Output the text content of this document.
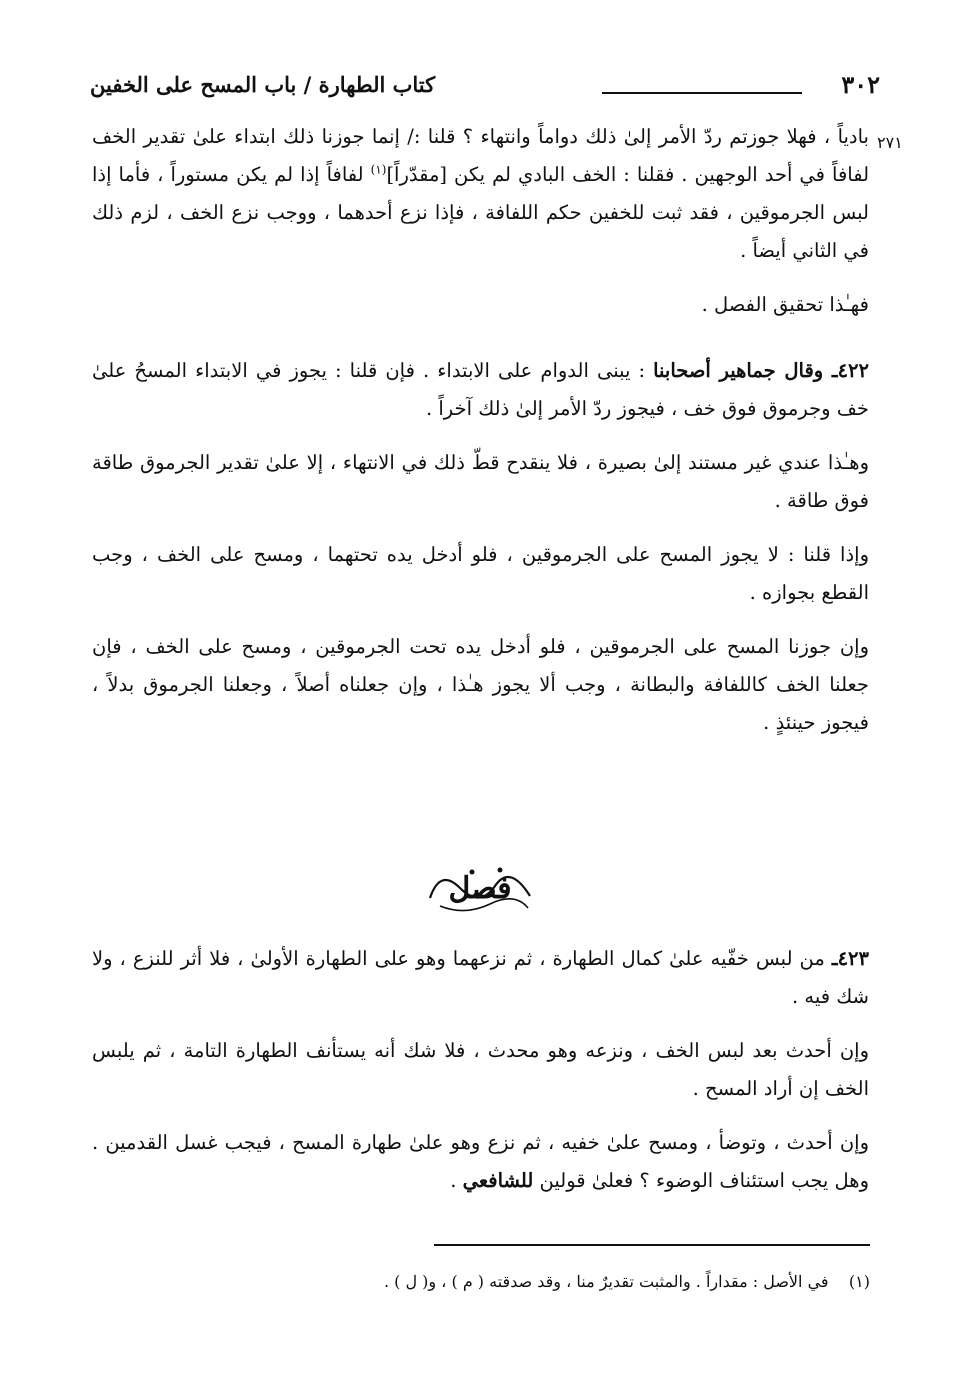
٣٠٢
كتاب الطهارة / باب المسح على الخفين
٢٧١

بادياً ، فهلا جوزتم ردّ الأمر إلىٰ ذلك دواماً وانتهاء ؟ قلنا :/ إنما جوزنا ذلك ابتداء علىٰ تقدير الخف لفافاً في أحد الوجهين . فقلنا : الخف البادي لم يكن [مقدّراً]$^{(١)}$ لفافاً إذا لم يكن مستوراً ، فأما إذا لبس الجرموقين ، فقد ثبت للخفين حكم اللفافة ، فإذا نزع أحدهما ، ووجب نزع الخف ، لزم ذلك في الثاني أيضاً .

فهـٰذا تحقيق الفصل .

٤٢٢ـ وقال جماهير أصحابنا : يبنى الدوام على الابتداء . فإن قلنا : يجوز في الابتداء المسحُ علىٰ خف وجرموق فوق خف ، فيجوز ردّ الأمر إلىٰ ذلك آخراً .

وهـٰذا عندي غير مستند إلىٰ بصيرة ، فلا ينقدح قطّ ذلك في الانتهاء ، إلا علىٰ تقدير الجرموق طاقة فوق طاقة .

وإذا قلنا : لا يجوز المسح على الجرموقين ، فلو أدخل يده تحتهما ، ومسح على الخف ، وجب القطع بجوازه .

وإن جوزنا المسح على الجرموقين ، فلو أدخل يده تحت الجرموقين ، ومسح على الخف ، فإن جعلنا الخف كاللفافة والبطانة ، وجب ألا يجوز هـٰذا ، وإن جعلناه أصلاً ، وجعلنا الجرموق بدلاً ، فيجوز حينئذٍ .

فصل

٤٢٣ـ من لبس خفّيه علىٰ كمال الطهارة ، ثم نزعهما وهو على الطهارة الأولىٰ ، فلا أثر للنزع ، ولا شك فيه .

وإن أحدث بعد لبس الخف ، ونزعه وهو محدث ، فلا شك أنه يستأنف الطهارة التامة ، ثم يلبس الخف إن أراد المسح .

وإن أحدث ، وتوضأ ، ومسح علىٰ خفيه ، ثم نزع وهو علىٰ طهارة المسح ، فيجب غسل القدمين . وهل يجب استئناف الوضوء ؟ فعلىٰ قولين للشافعي .

(١)    في الأصل : مقداراً . والمثبت تقديرٌ منا ، وقد صدقته ( م ) ، و( ل ) .
